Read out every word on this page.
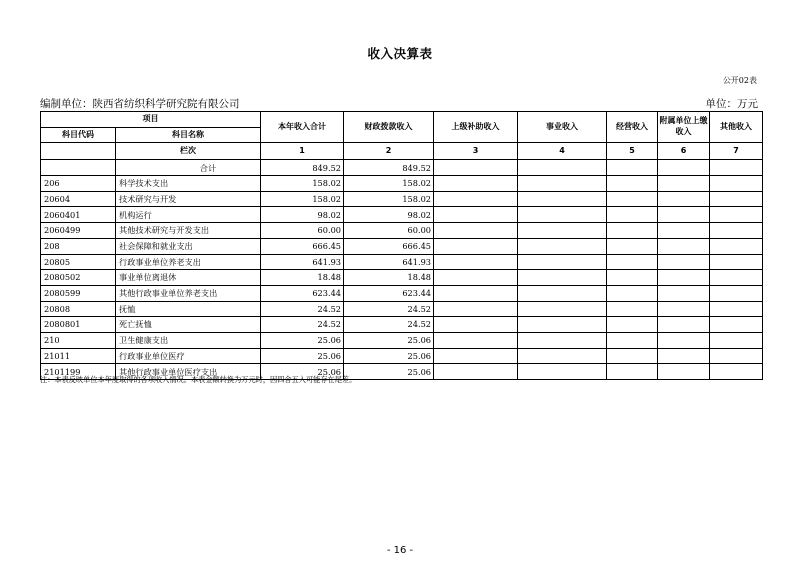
收入决算表
公开02表
编制单位：陕西省纺织科学研究院有限公司	单位：万元
项目		本年收入合计	财政拨款收入	上级补助收入	事业收入	经营收入	附属单位上缴收入	其他收入
科目代码	科目名称							
	栏次	1	2	3	4	5	6	7
	合计	849.52	849.52					
206	科学技术支出	158.02	158.02					
20604	技术研究与开发	158.02	158.02					
2060401	机构运行	98.02	98.02					
2060499	其他技术研究与开发支出	60.00	60.00					
208	社会保障和就业支出	666.45	666.45					
20805	行政事业单位养老支出	641.93	641.93					
2080502	事业单位离退休	18.48	18.48					
2080599	其他行政事业单位养老支出	623.44	623.44					
20808	抚恤	24.52	24.52					
2080801	死亡抚恤	24.52	24.52					
210	卫生健康支出	25.06	25.06					
21011	行政事业单位医疗	25.06	25.06					
2101199	其他行政事业单位医疗支出	25.06	25.06					
注：本表反映单位本年度取得的各项收入情况。本表金额转换为万元时，因四舍五入可能存在尾差。
- 16 -
